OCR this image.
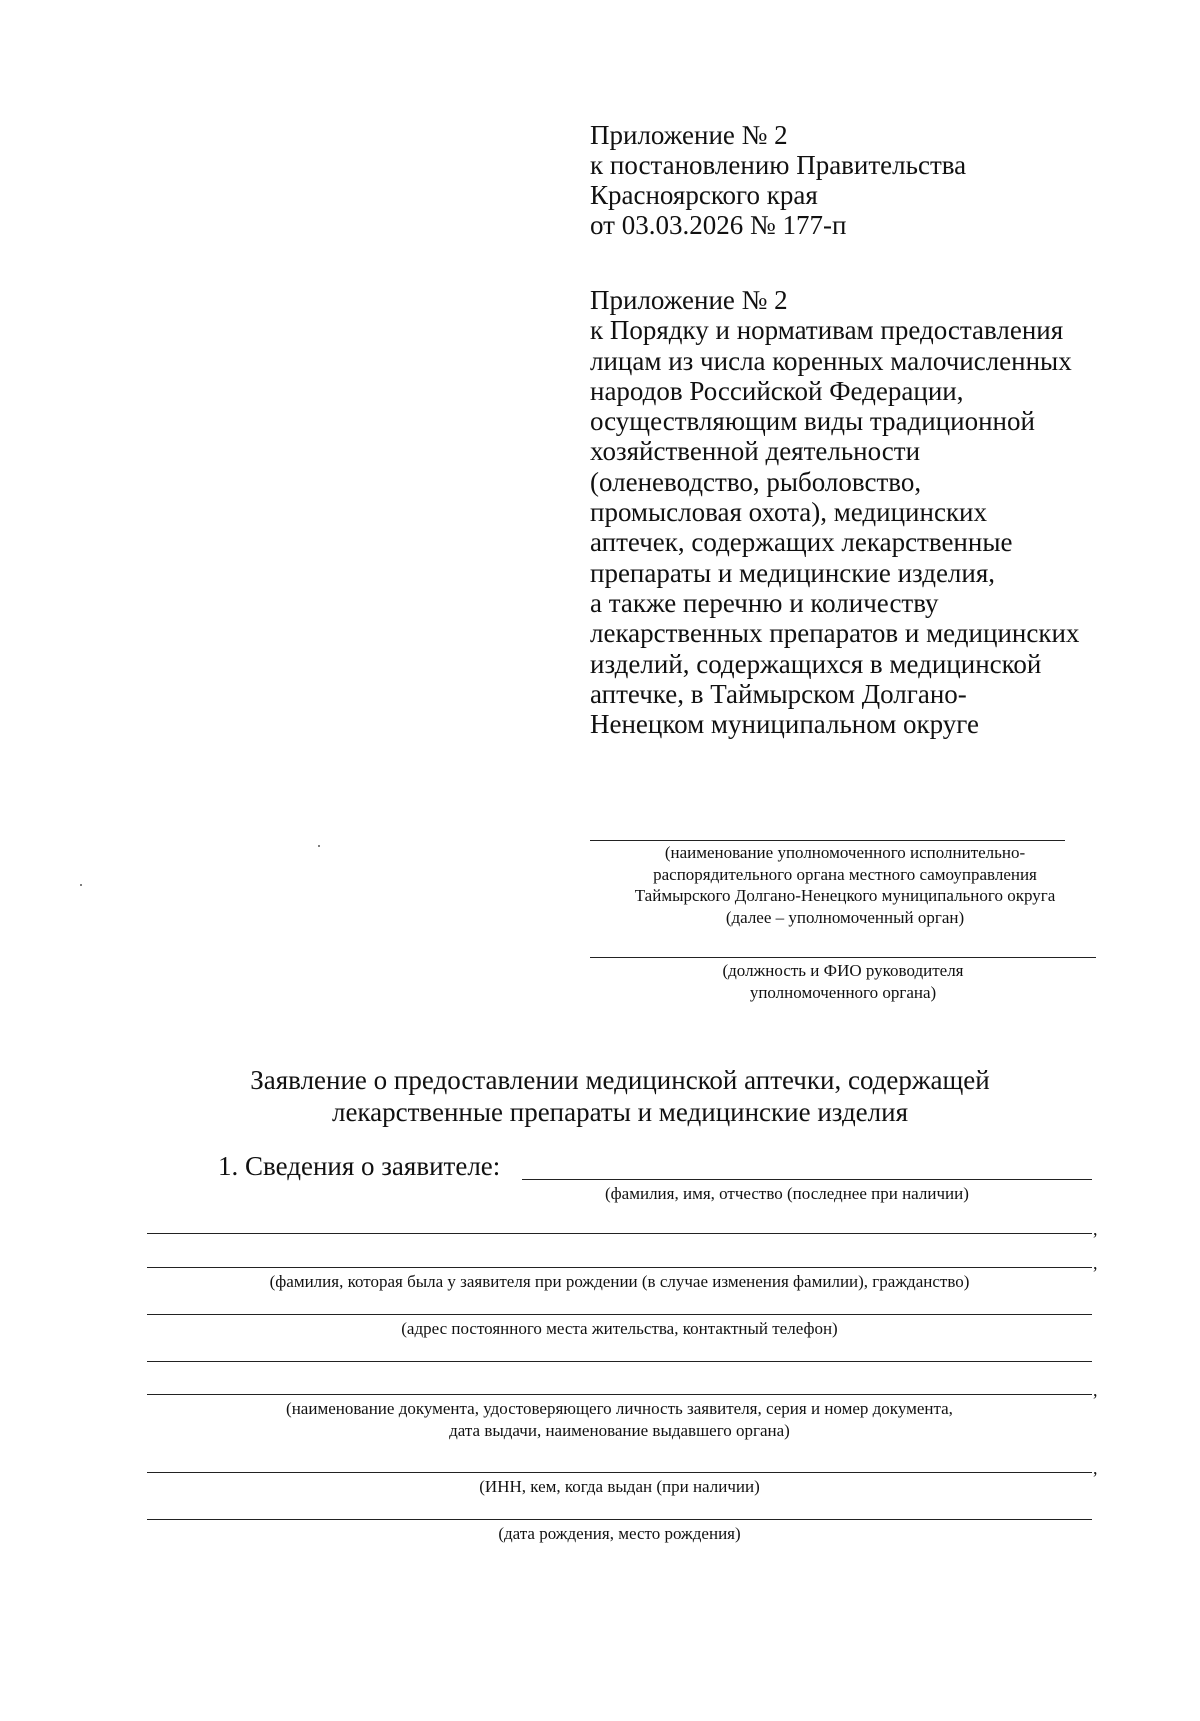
Приложение № 2
к постановлению Правительства
Красноярского края
от 03.03.2026 № 177-п
Приложение № 2
к Порядку и нормативам предоставления
лицам из числа коренных малочисленных
народов Российской Федерации,
осуществляющим виды традиционной
хозяйственной деятельности
(оленеводство, рыболовство,
промысловая охота), медицинских
аптечек, содержащих лекарственные
препараты и медицинские изделия,
а также перечню и количеству
лекарственных препаратов и медицинских
изделий, содержащихся в медицинской
аптечке, в Таймырском Долгано-
Ненецком муниципальном округе
(наименование уполномоченного исполнительно-
распорядительного органа местного самоуправления
Таймырского Долгано-Ненецкого муниципального округа
(далее – уполномоченный орган)
(должность и ФИО руководителя
уполномоченного органа)
Заявление о предоставлении медицинской аптечки, содержащей
лекарственные препараты и медицинские изделия
1. Сведения о заявителе:
(фамилия, имя, отчество (последнее при наличии)
,
,
(фамилия, которая была у заявителя при рождении (в случае изменения фамилии), гражданство)
(адрес постоянного места жительства, контактный телефон)
,
(наименование документа, удостоверяющего личность заявителя, серия и номер документа,
дата выдачи, наименование выдавшего органа)
,
(ИНН, кем, когда выдан (при наличии)
(дата рождения, место рождения)
